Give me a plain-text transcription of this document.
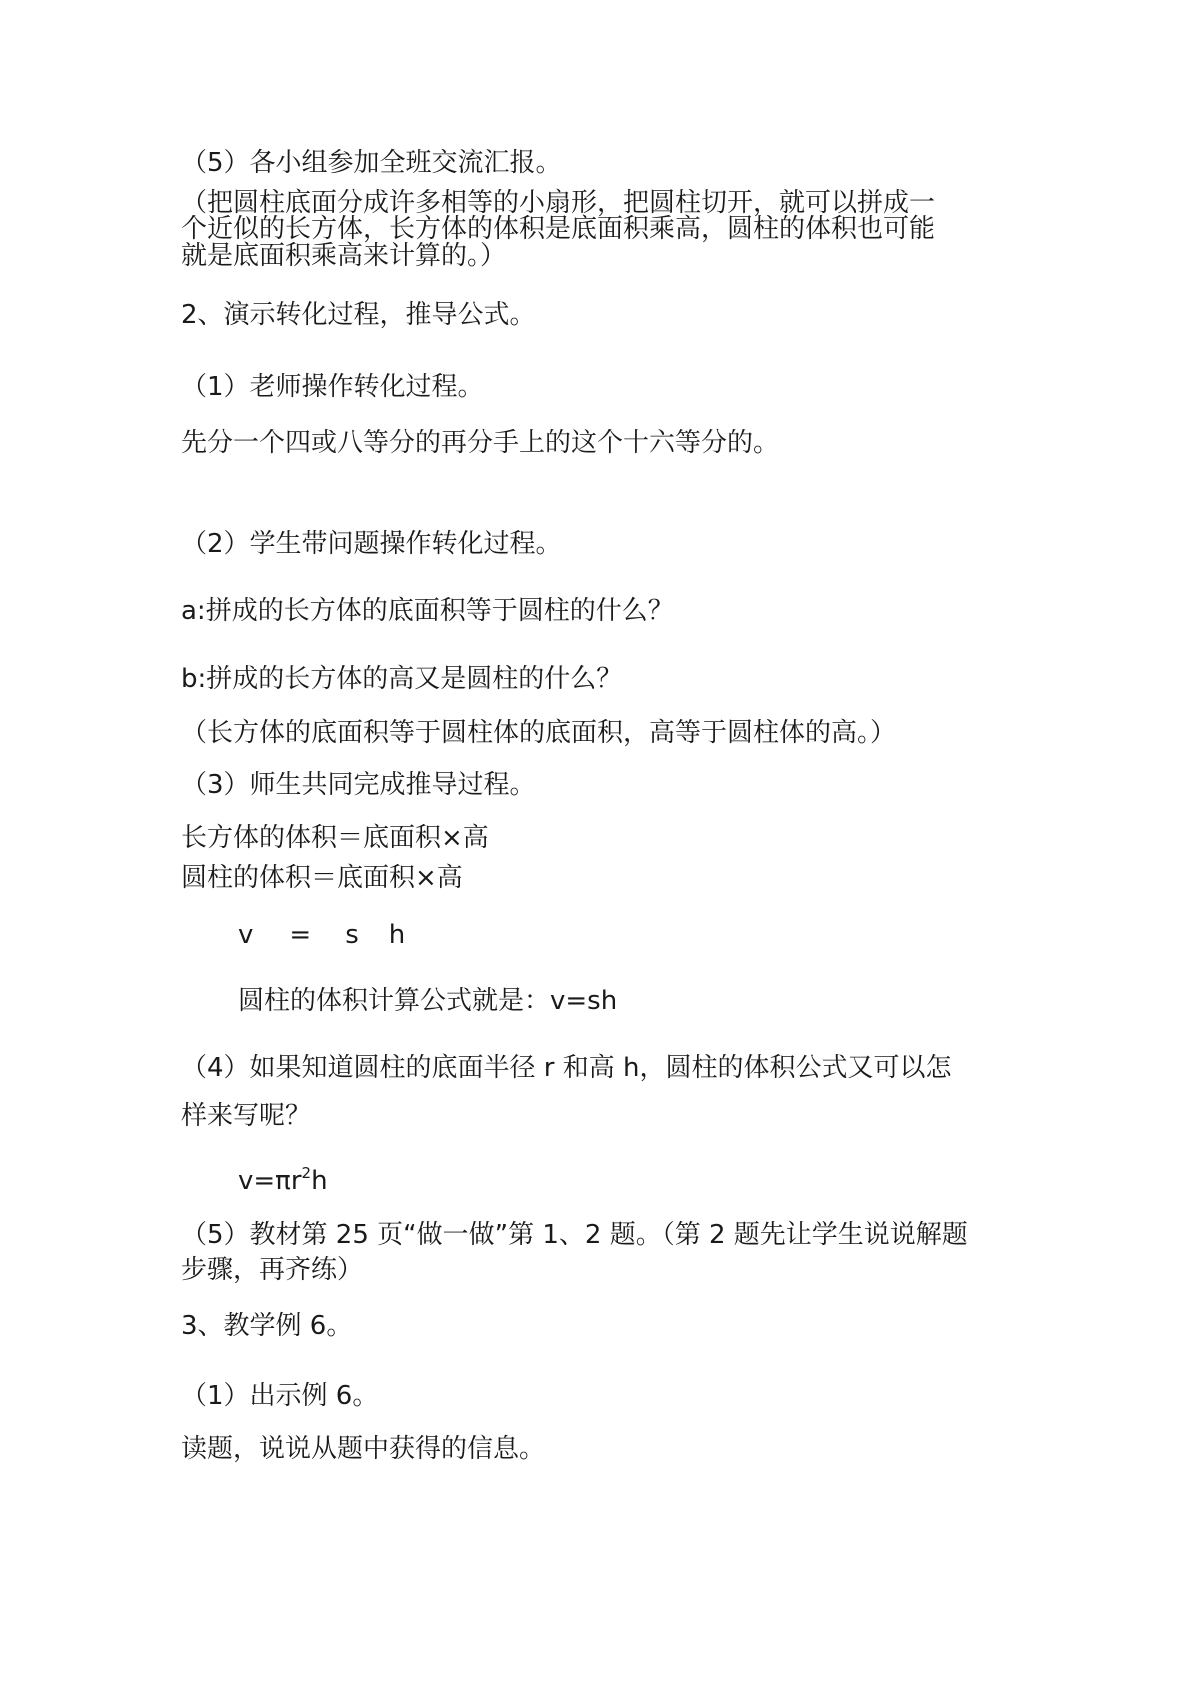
（5）各小组参加全班交流汇报。
（把圆柱底面分成许多相等的小扇形，把圆柱切开，就可以拼成一
个近似的长方体，长方体的体积是底面积乘高，圆柱的体积也可能
就是底面积乘高来计算的。）
2、演示转化过程，推导公式。
（1）老师操作转化过程。
先分一个四或八等分的再分手上的这个十六等分的。
（2）学生带问题操作转化过程。
a:拼成的长方体的底面积等于圆柱的什么？
b:拼成的长方体的高又是圆柱的什么？
（长方体的底面积等于圆柱体的底面积，高等于圆柱体的高。）
（3）师生共同完成推导过程。
长方体的体积＝底面积×高
圆柱的体积＝底面积×高
v = s h
圆柱的体积计算公式就是：v=sh
（4）如果知道圆柱的底面半径 r 和高 h，圆柱的体积公式又可以怎
样来写呢？
$v=\pi r^2h$
（5）教材第 25 页“做一做”第 1、2 题。（第 2 题先让学生说说解题
步骤，再齐练）
3、教学例 6。
（1）出示例 6。
读题，说说从题中获得的信息。
